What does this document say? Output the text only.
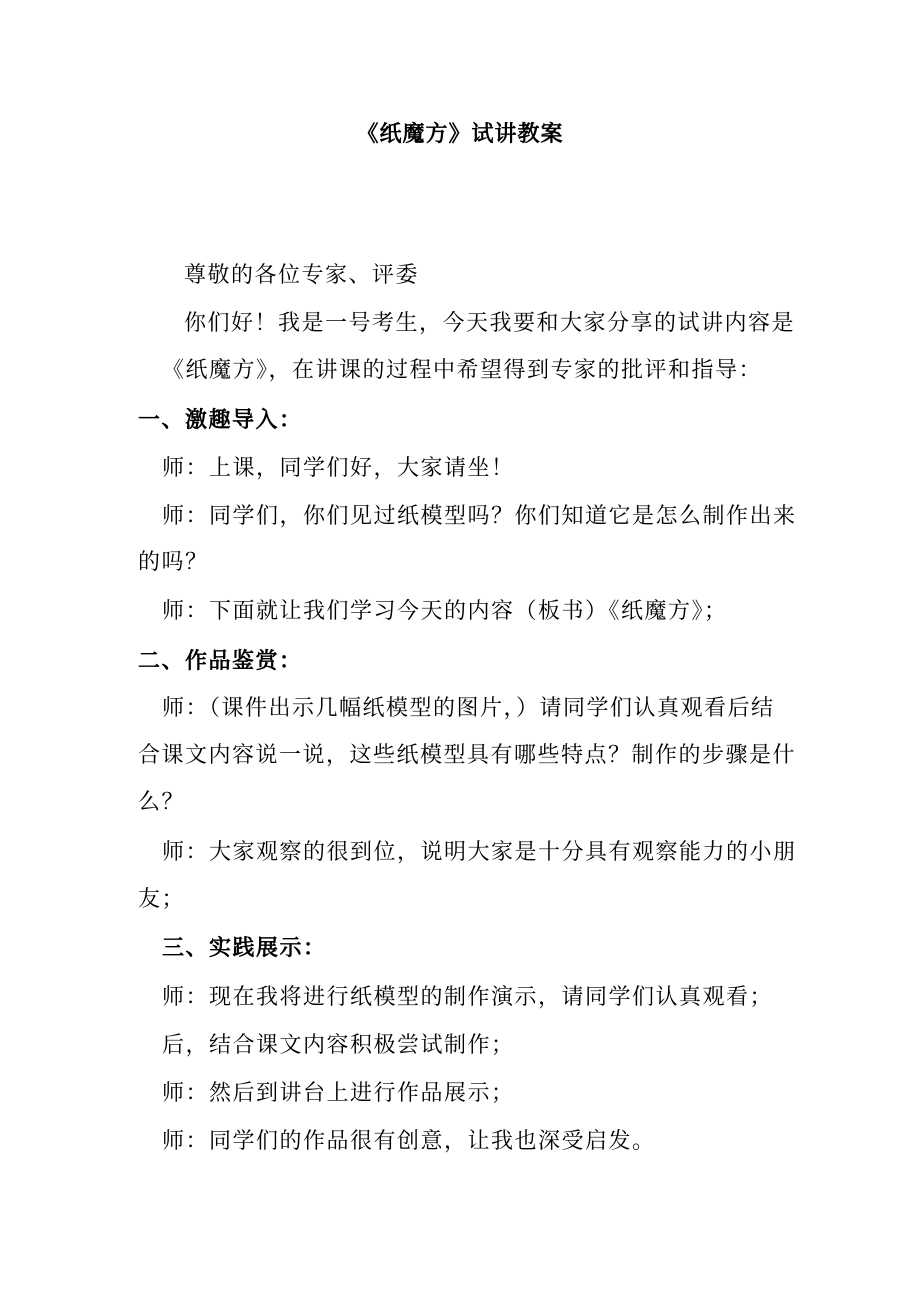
《纸魔方》试讲教案
尊敬的各位专家、评委
你们好！我是一号考生，今天我要和大家分享的试讲内容是
《纸魔方》，在讲课的过程中希望得到专家的批评和指导：
一、激趣导入：
师：上课，同学们好，大家请坐！
师：同学们，你们见过纸模型吗？你们知道它是怎么制作出来
的吗？
师：下面就让我们学习今天的内容（板书）《纸魔方》；
二、作品鉴赏：
师：（课件出示几幅纸模型的图片，）请同学们认真观看后结
合课文内容说一说，这些纸模型具有哪些特点？制作的步骤是什
么？
师：大家观察的很到位，说明大家是十分具有观察能力的小朋
友；
三、实践展示：
师：现在我将进行纸模型的制作演示，请同学们认真观看；
后，结合课文内容积极尝试制作；
师：然后到讲台上进行作品展示；
师：同学们的作品很有创意，让我也深受启发。
